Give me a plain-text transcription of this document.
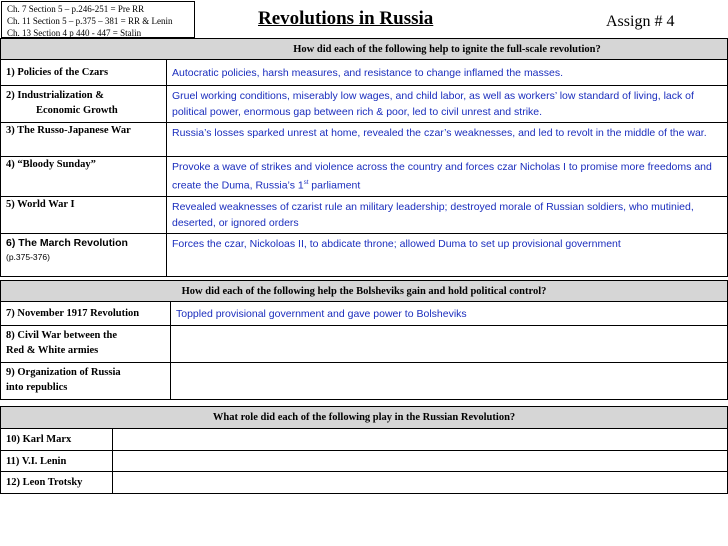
Ch. 7 Section 5 – p.246-251 = Pre RR
Ch. 11 Section 5 – p.375 – 381 = RR & Lenin
Ch. 13 Section 4 p 440 - 447 = Stalin
Revolutions in Russia	Assign # 4
How did each of the following help to ignite the full-scale revolution?	
1) Policies of the Czars	Autocratic policies, harsh measures, and resistance to change inflamed the masses.
2) Industrialization &
Economic Growth	Gruel working conditions, miserably low wages, and child labor, as well as workers’ low standard of living, lack of political power, enormous gap between rich & poor, led to civil unrest and strike.
3) The Russo-Japanese War	Russia’s losses sparked unrest at home, revealed the czar’s weaknesses, and led to revolt in the middle of the war.
4) “Bloody Sunday”	Provoke a wave of strikes and violence across the country and forces czar Nicholas I to promise more freedoms and create the Duma, Russia’s 1st parliament
5) World War I	Revealed weaknesses of czarist rule an military leadership; destroyed morale of Russian soldiers, who mutinied, deserted, or ignored orders

6) The March Revolution
(p.375-376)	Forces the czar, Nickoloas II, to abdicate throne; allowed Duma to set up provisional government
How did each of the following help the Bolsheviks gain and hold political control?	
7) November 1917 Revolution	Toppled provisional government and gave power to Bolsheviks

8) Civil War between the
Red & White armies	

9) Organization of Russia
into republics	

What role did each of the following play in the Russian Revolution?	
10) Karl Marx	
11) V.I. Lenin	
12) Leon Trotsky	
